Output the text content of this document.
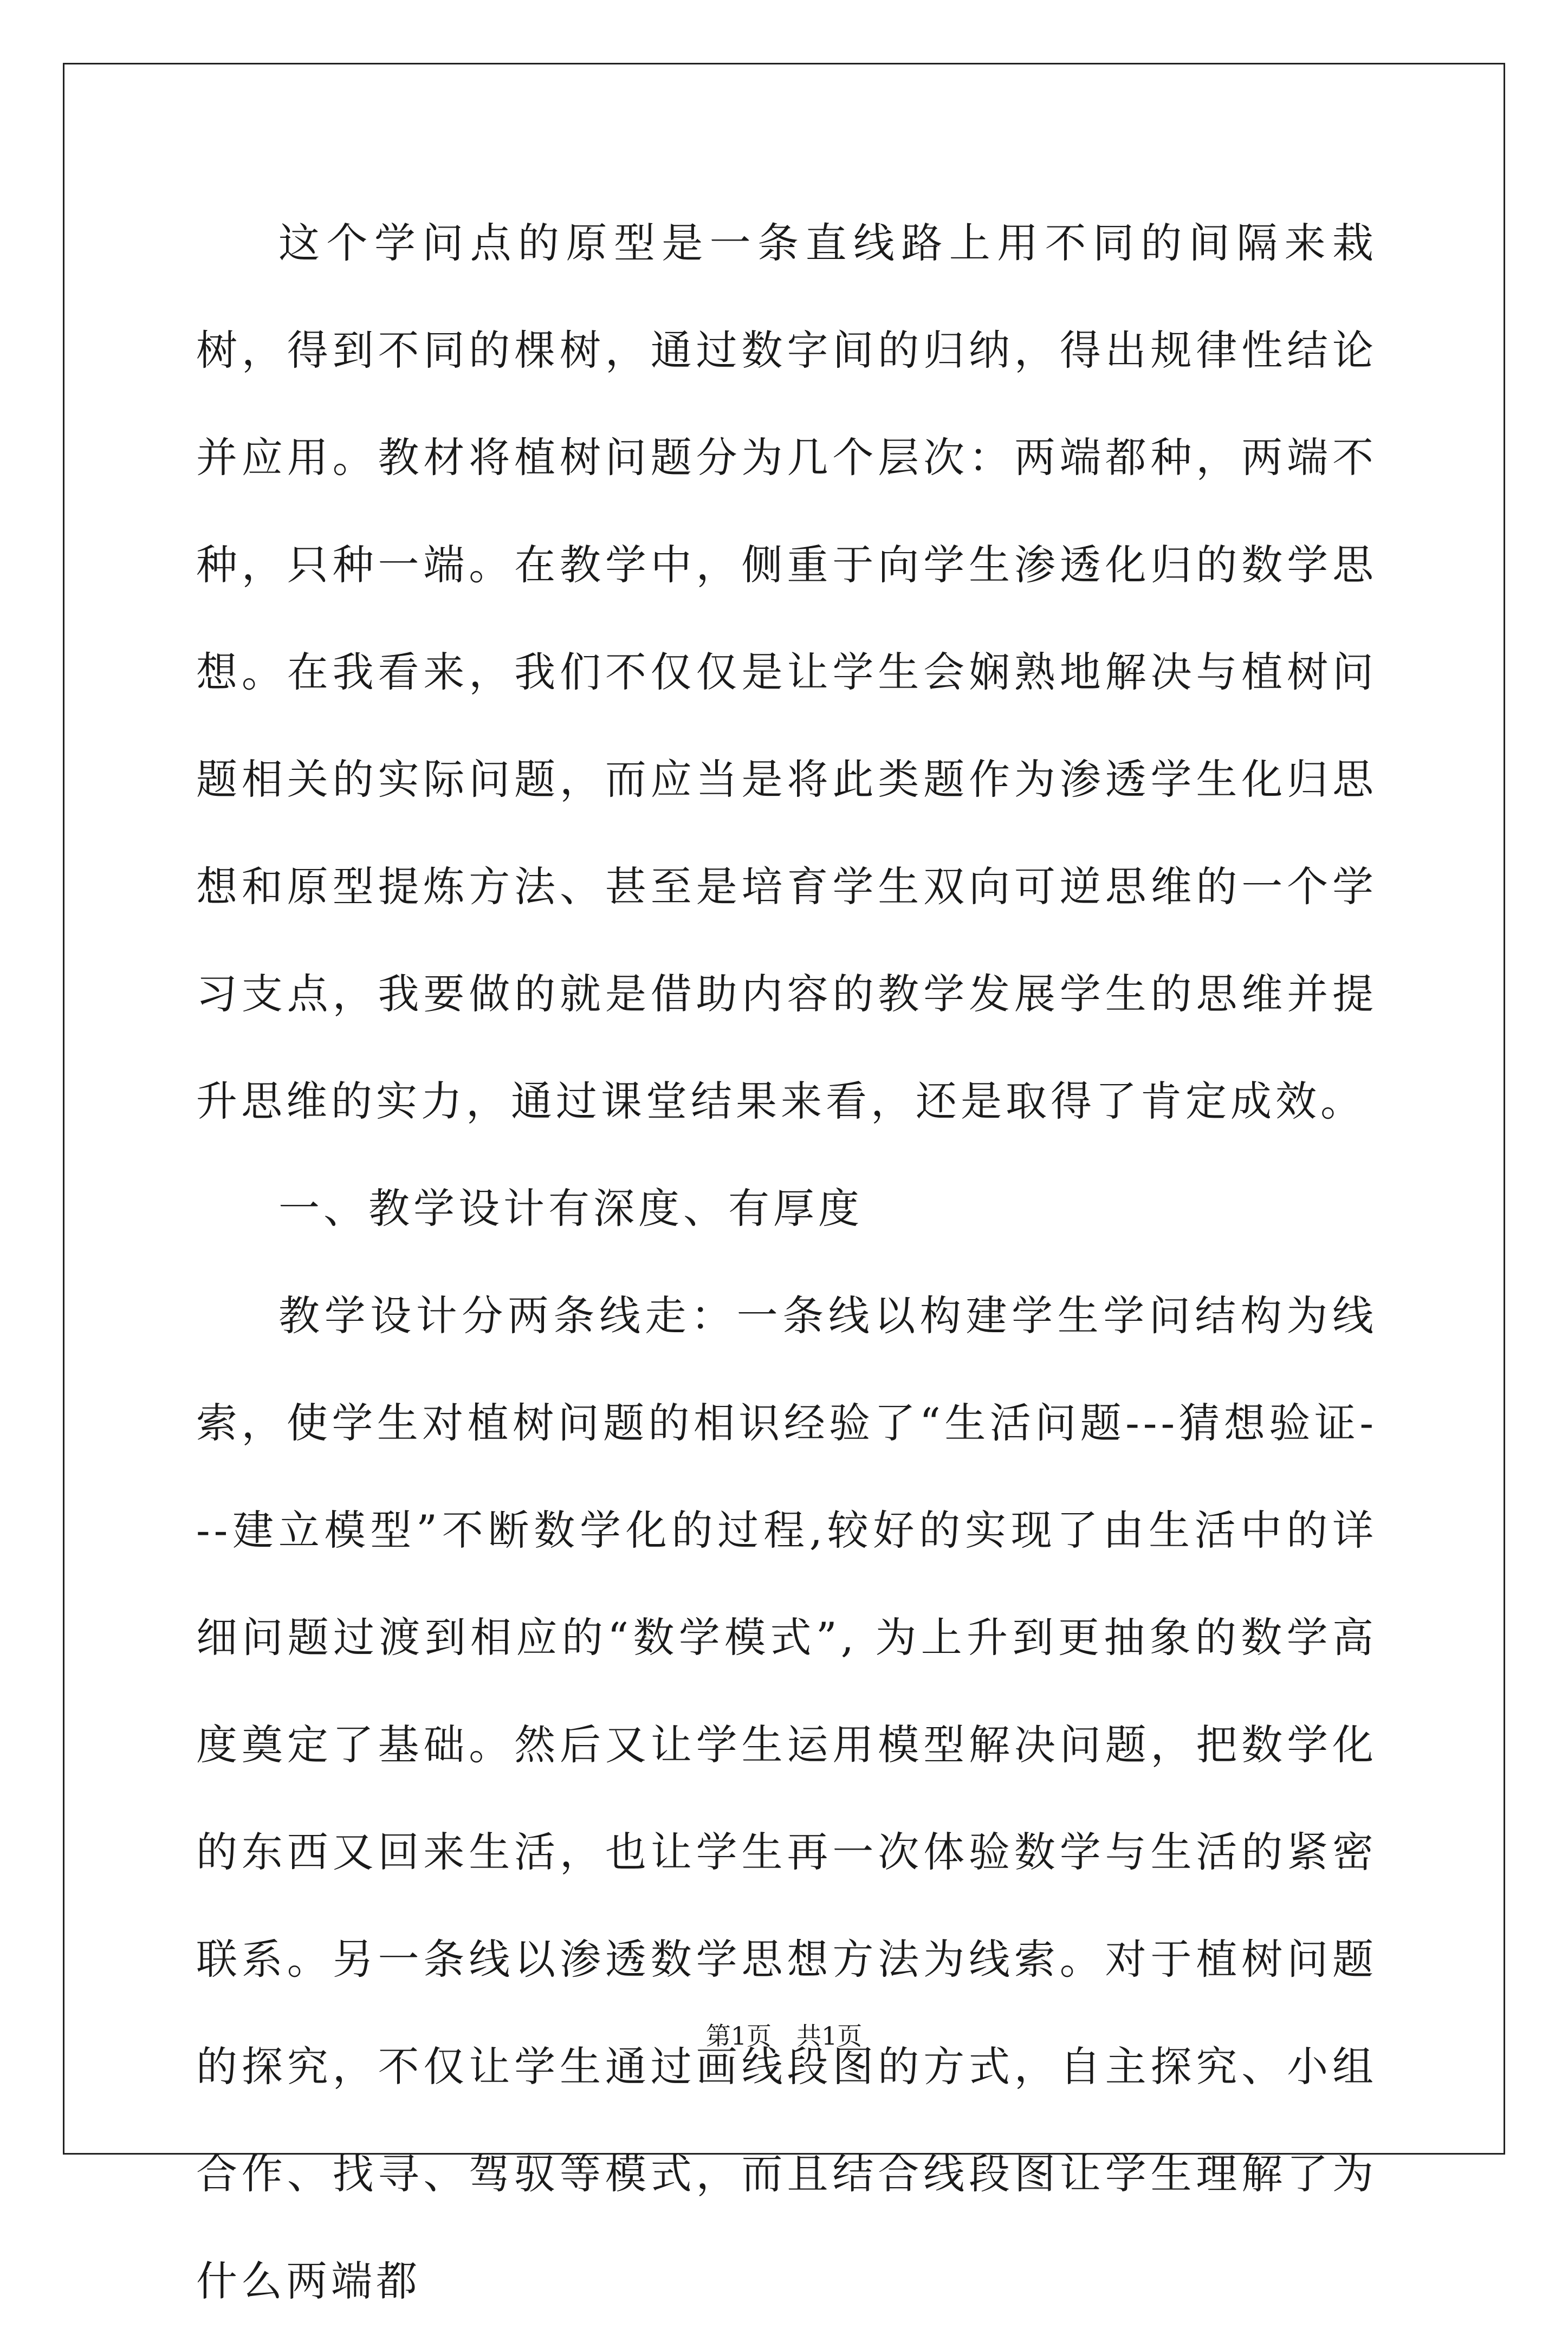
这个学问点的原型是一条直线路上用不同的间隔来栽树，得到不同的棵树，通过数字间的归纳，得出规律性结论并应用。教材将植树问题分为几个层次：两端都种，两端不种，只种一端。在教学中，侧重于向学生渗透化归的数学思想。在我看来，我们不仅仅是让学生会娴熟地解决与植树问题相关的实际问题，而应当是将此类题作为渗透学生化归思想和原型提炼方法、甚至是培育学生双向可逆思维的一个学习支点，我要做的就是借助内容的教学发展学生的思维并提升思维的实力，通过课堂结果来看，还是取得了肯定成效。

一、教学设计有深度、有厚度

教学设计分两条线走：一条线以构建学生学问结构为线索，使学生对植树问题的相识经验了“生活问题---猜想验证---建立模型”不断数学化的过程,较好的实现了由生活中的详细问题过渡到相应的“数学模式”, 为上升到更抽象的数学高度奠定了基础。然后又让学生运用模型解决问题，把数学化的东西又回来生活，也让学生再一次体验数学与生活的紧密联系。另一条线以渗透数学思想方法为线索。对于植树问题的探究，不仅让学生通过画线段图的方式，自主探究、小组合作、找寻、驾驭等模式，而且结合线段图让学生理解了为什么两端都

第1页 共1页
